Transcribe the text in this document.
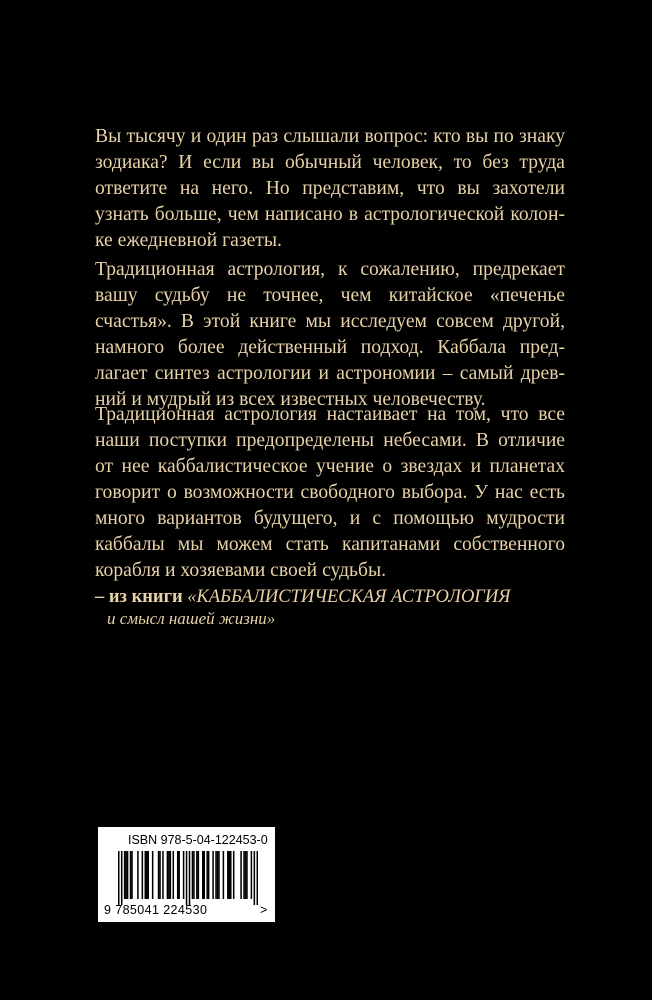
Вы тысячу и один раз слышали вопрос: кто вы по знаку
зодиака? И если вы обычный человек, то без труда
ответите на него. Но представим, что вы захотели
узнать больше, чем написано в астрологической колон-
ке ежедневной газеты.
Традиционная астрология, к сожалению, предрекает
вашу судьбу не точнее, чем китайское «печенье
счастья». В этой книге мы исследуем совсем другой,
намного более действенный подход. Каббала пред-
лагает синтез астрологии и астрономии – самый древ-
ний и мудрый из всех известных человечеству.
Традиционная астрология настаивает на том, что все
наши поступки предопределены небесами. В отличие
от нее каббалистическое учение о звездах и планетах
говорит о возможности свободного выбора. У нас есть
много вариантов будущего, и с помощью мудрости
каббалы мы можем стать капитанами собственного
корабля и хозяевами своей судьбы.
– из книги «КАББАЛИСТИЧЕСКАЯ АСТРОЛОГИЯ
и смысл нашей жизни»
ISBN 978-5-04-122453-0
9 785041 224530	>
